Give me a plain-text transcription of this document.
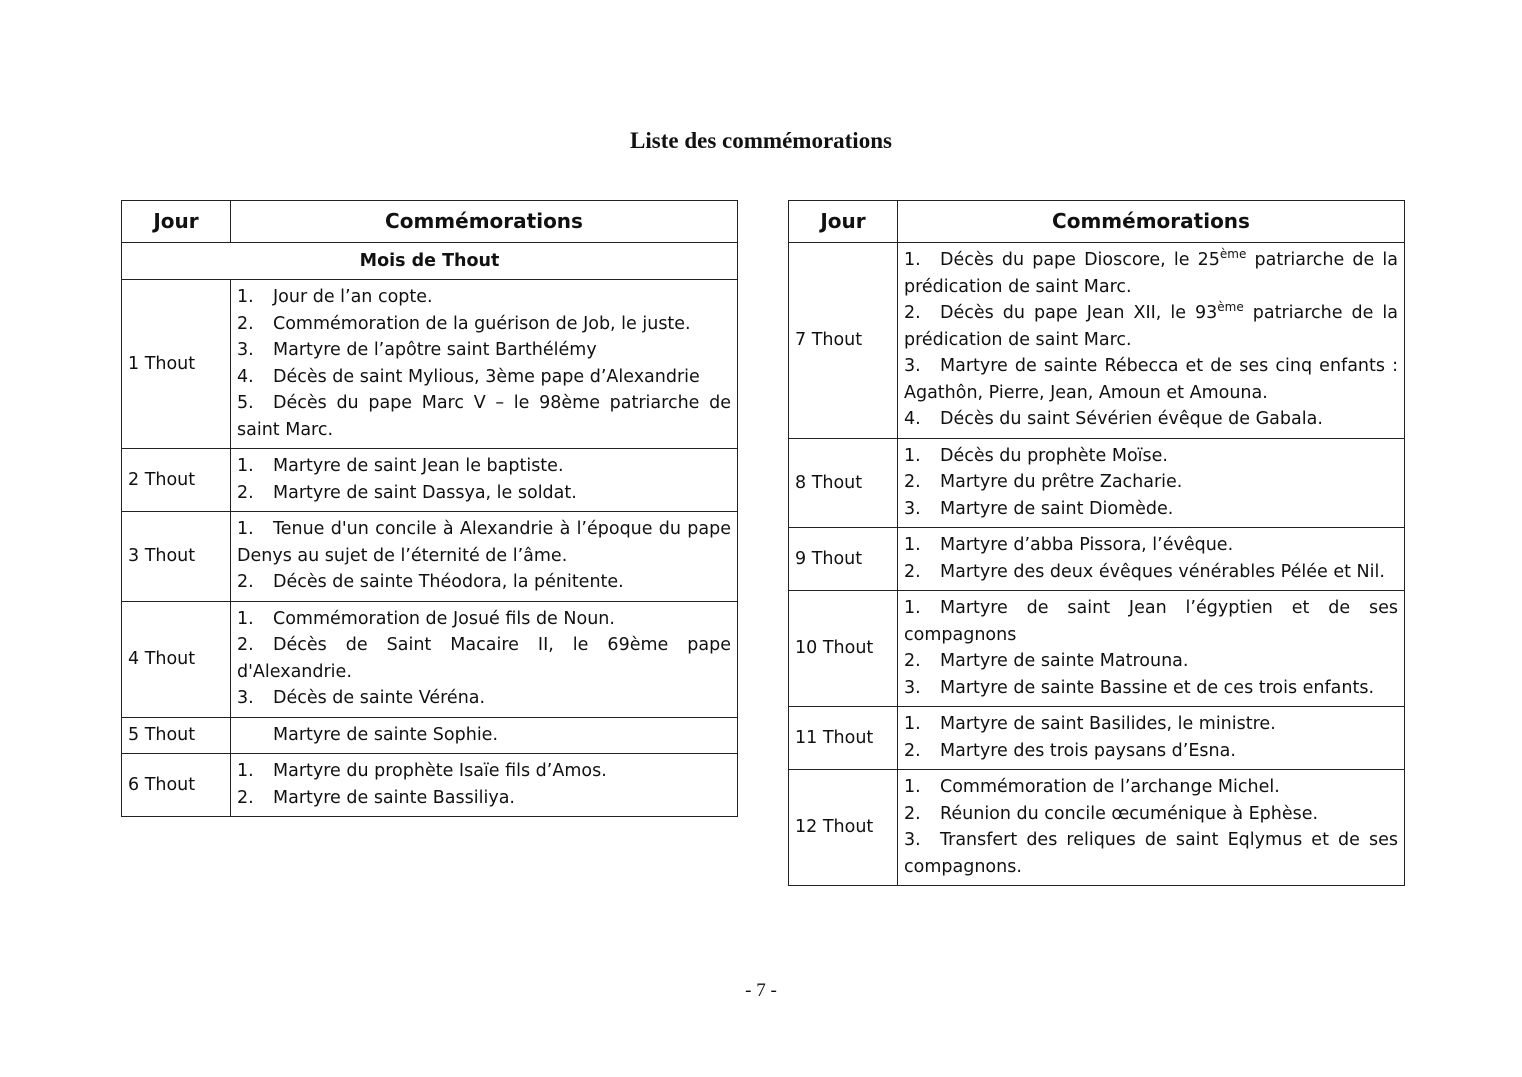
Liste des commémorations
Jour	Commémorations
Mois de Thout	
1 Thout	1. Jour de l’an copte.
2. Commémoration de la guérison de Job, le juste.
3. Martyre de l’apôtre saint Barthélémy
4. Décès de saint Mylious, 3ème pape d’Alexandrie
5. Décès du pape Marc V – le 98ème patriarche de saint Marc.

2 Thout	1. Martyre de saint Jean le baptiste.
2. Martyre de saint Dassya, le soldat.

3 Thout	1. Tenue d'un concile à Alexandrie à l’époque du pape Denys au sujet de l’éternité de l’âme.
2. Décès de sainte Théodora, la pénitente.

4 Thout	1. Commémoration de Josué fils de Noun.
2. Décès de Saint Macaire II, le 69ème pape d'Alexandrie.
3. Décès de sainte Véréna.

5 Thout	Martyre de sainte Sophie.

6 Thout	1. Martyre du prophète Isaïe fils d’Amos.
2. Martyre de sainte Bassiliya.
Jour	Commémorations
7 Thout	1. Décès du pape Dioscore, le 25ème patriarche de la prédication de saint Marc.
2. Décès du pape Jean XII, le 93ème patriarche de la prédication de saint Marc.
3. Martyre de sainte Rébecca et de ses cinq enfants : Agathôn, Pierre, Jean, Amoun et Amouna.
4. Décès du saint Sévérien évêque de Gabala.

8 Thout	1. Décès du prophète Moïse.
2. Martyre du prêtre Zacharie.
3. Martyre de saint Diomède.

9 Thout	1. Martyre d’abba Pissora, l’évêque.
2. Martyre des deux évêques vénérables Pélée et Nil.

10 Thout	1. Martyre de saint Jean l’égyptien et de ses compagnons
2. Martyre de sainte Matrouna.
3. Martyre de sainte Bassine et de ces trois enfants.

11 Thout	1. Martyre de saint Basilides, le ministre.
2. Martyre des trois paysans d’Esna.

12 Thout	1. Commémoration de l’archange Michel.
2. Réunion du concile œcuménique à Ephèse.
3. Transfert des reliques de saint Eqlymus et de ses compagnons.
- 7 -
